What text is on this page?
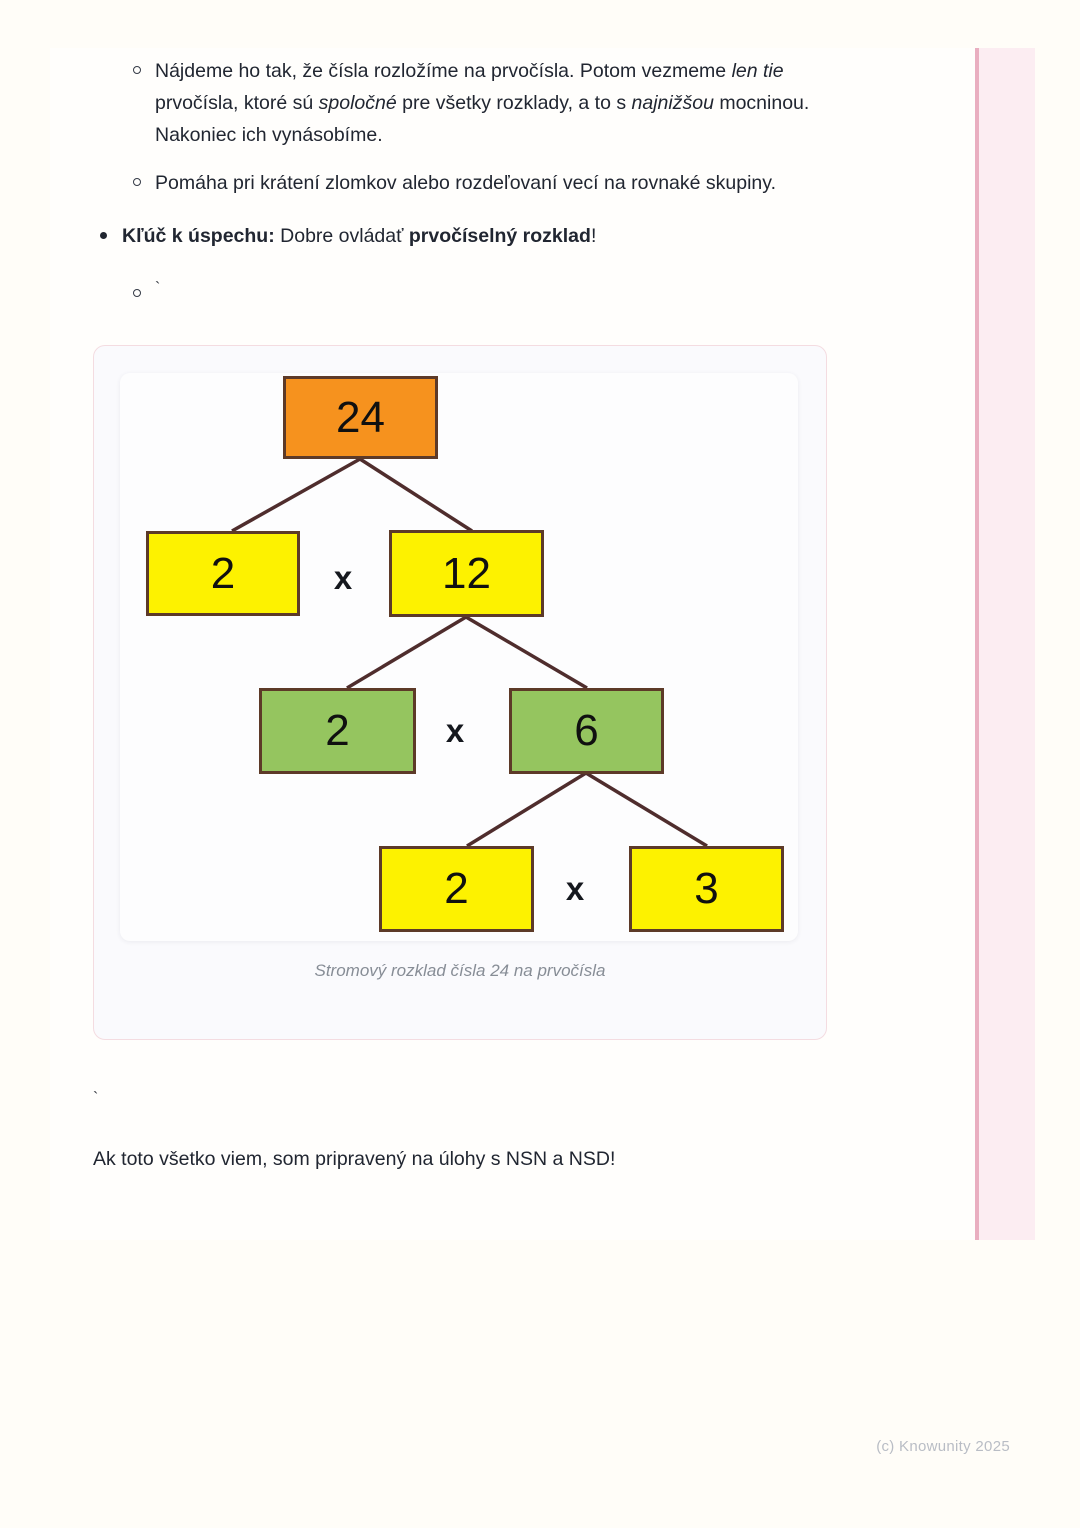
Nájdeme ho tak, že čísla rozložíme na prvočísla. Potom vezmeme len tie prvočísla, ktoré sú spoločné pre všetky rozklady, a to s najnižšou mocninou. Nakoniec ich vynásobíme.

Pomáha pri krátení zlomkov alebo rozdeľovaní vecí na rovnaké skupiny.

Kľúč k úspechu: Dobre ovládať prvočíselný rozklad!

`

24
2	x 12
2	x	6
2	x	3
Stromový rozklad čísla 24 na prvočísla
`

Ak toto všetko viem, som pripravený na úlohy s NSN a NSD!

(c) Knowunity 2025
